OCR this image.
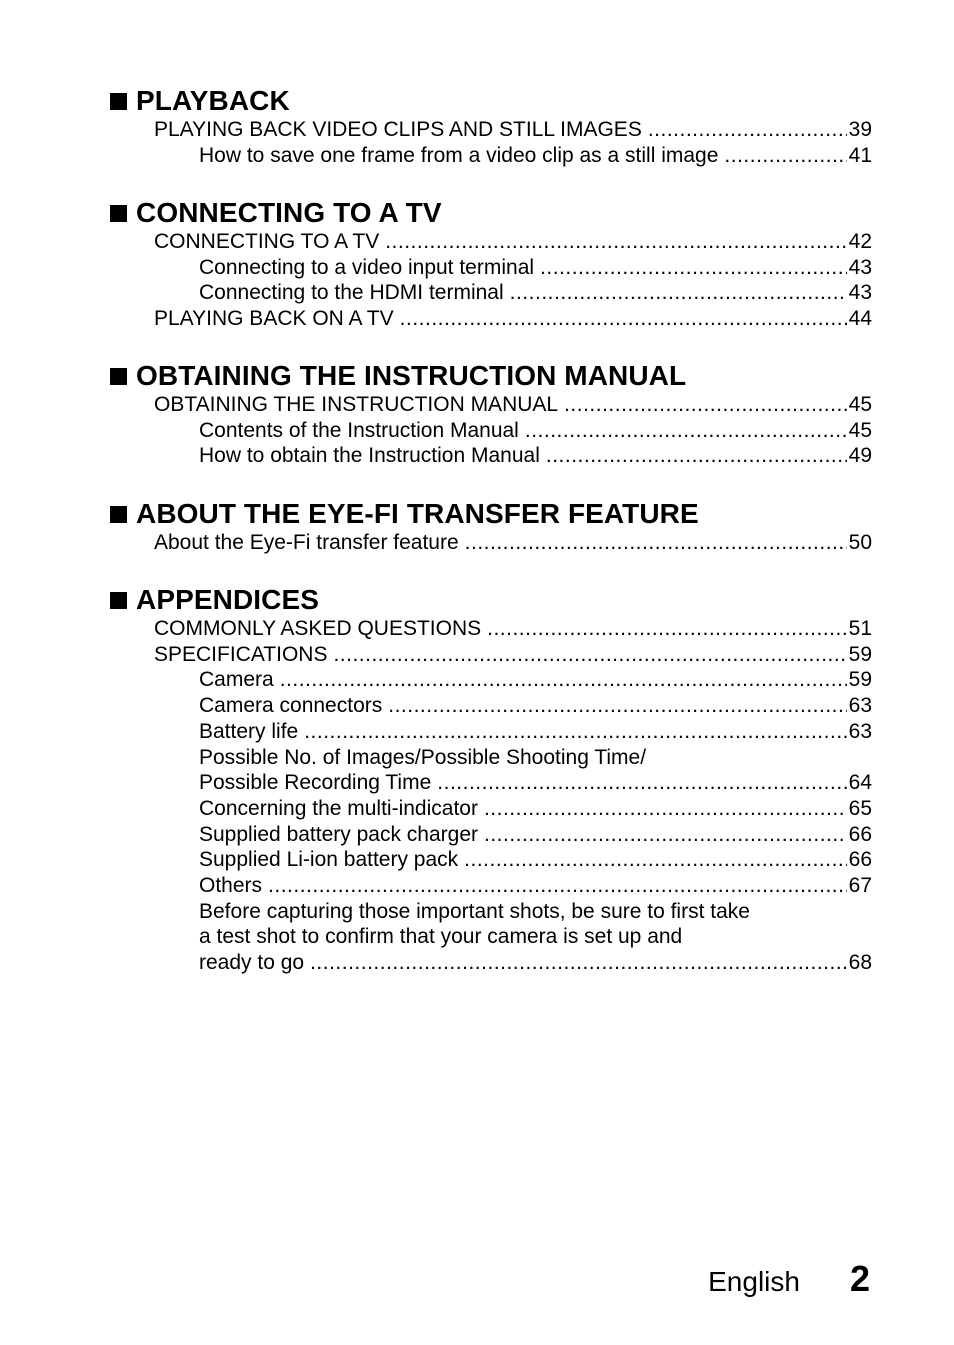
PLAYBACK
PLAYING BACK VIDEO CLIPS AND STILL IMAGES .....	39
How to save one frame from a video clip as a still image .....	41
CONNECTING TO A TV
CONNECTING TO A TV .....	42
Connecting to a video input terminal .....	43
Connecting to the HDMI terminal .....	43
PLAYING BACK ON A TV .....	44
OBTAINING THE INSTRUCTION MANUAL
OBTAINING THE INSTRUCTION MANUAL .....	45
Contents of the Instruction Manual .....	45
How to obtain the Instruction Manual .....	49
ABOUT THE EYE-FI TRANSFER FEATURE
About the Eye-Fi transfer feature .....	50
APPENDICES
COMMONLY ASKED QUESTIONS .....	51
SPECIFICATIONS .....	59
Camera .....	59
Camera connectors .....	63
Battery life .....	63
Possible No. of Images/Possible Shooting Time/
Possible Recording Time .....	64
Concerning the multi-indicator .....	65
Supplied battery pack charger .....	66
Supplied Li-ion battery pack .....	66
Others .....	67
Before capturing those important shots, be sure to first take
a test shot to confirm that your camera is set up and
ready to go .....	68
English 2
